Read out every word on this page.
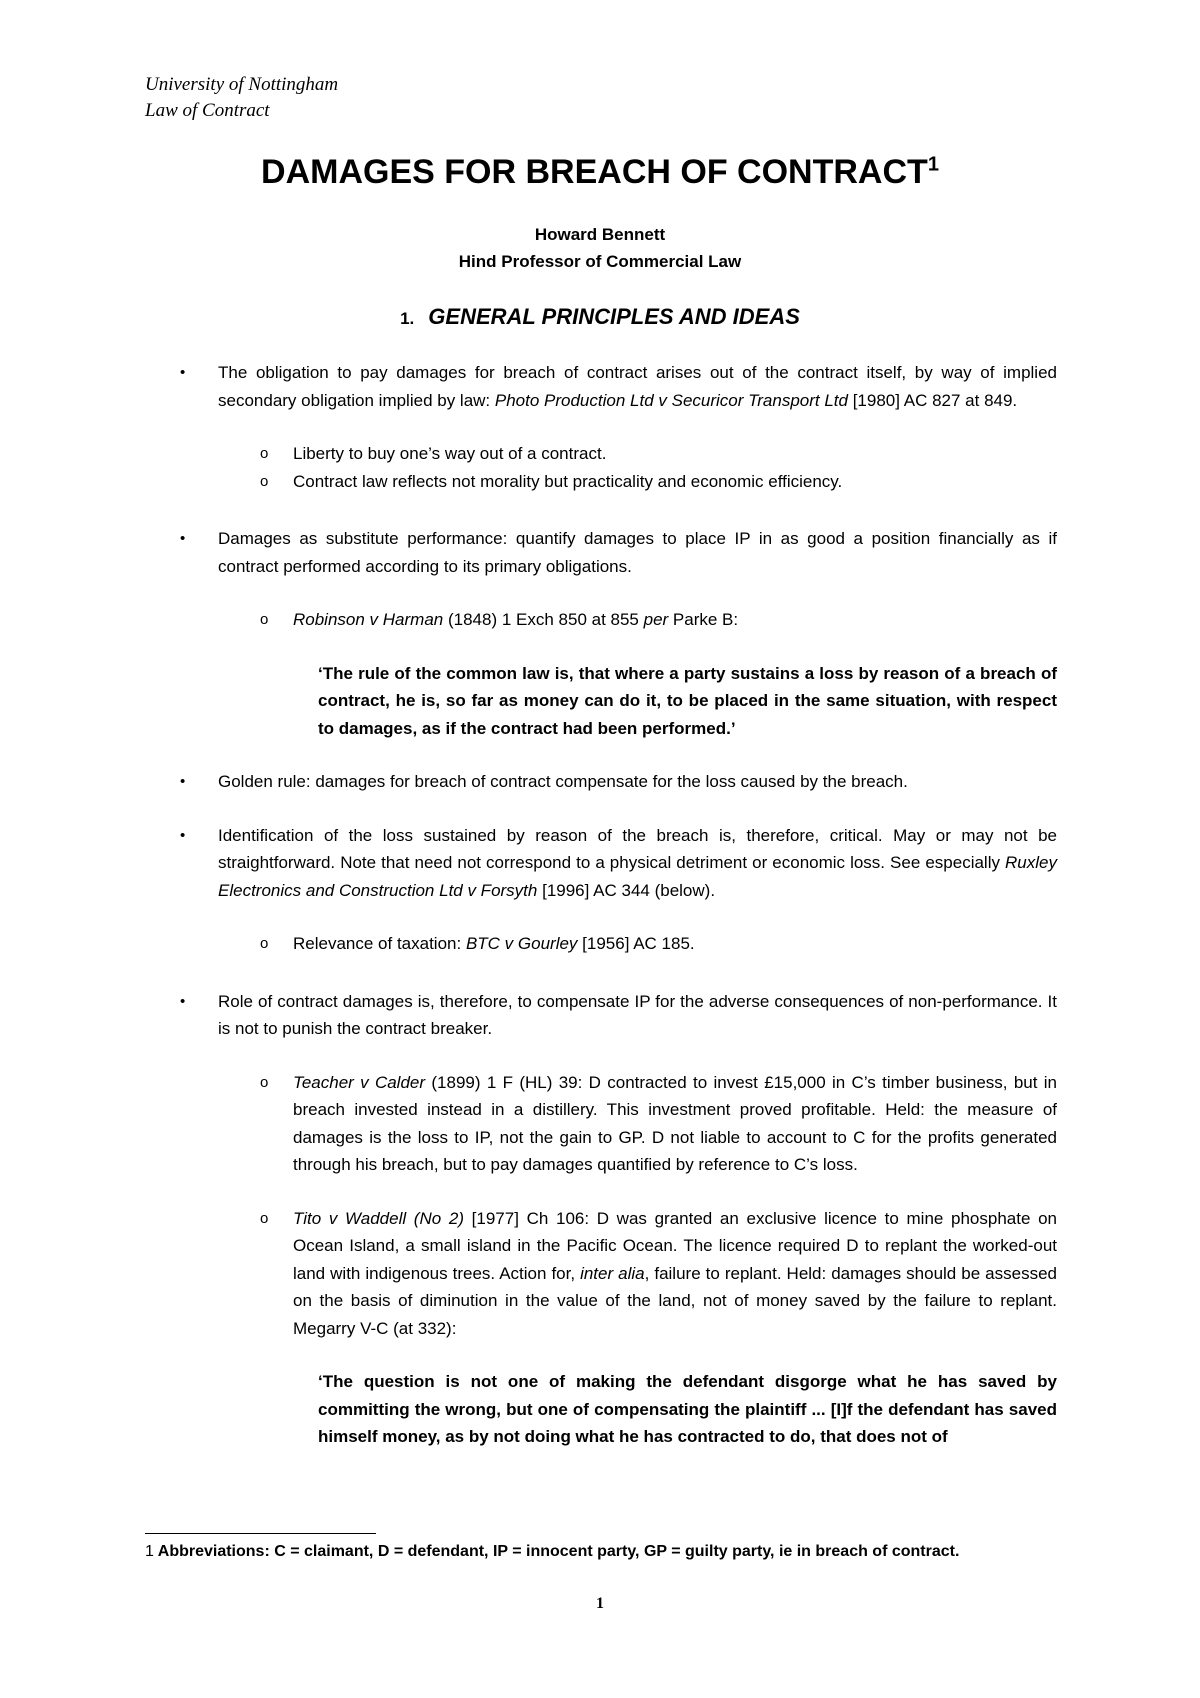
University of Nottingham
Law of Contract
DAMAGES FOR BREACH OF CONTRACT$^1$
Howard Bennett
Hind Professor of Commercial Law
1. GENERAL PRINCIPLES AND IDEAS

• The obligation to pay damages for breach of contract arises out of the contract itself, by way of implied secondary obligation implied by law: Photo Production Ltd v Securicor Transport Ltd [1980] AC 827 at 849.

o Liberty to buy one’s way out of a contract.

o Contract law reflects not morality but practicality and economic efficiency.

• Damages as substitute performance: quantify damages to place IP in as good a position financially as if contract performed according to its primary obligations.

o Robinson v Harman (1848) 1 Exch 850 at 855 per Parke B:

‘The rule of the common law is, that where a party sustains a loss by reason of a breach of contract, he is, so far as money can do it, to be placed in the same situation, with respect to damages, as if the contract had been performed.’

• Golden rule: damages for breach of contract compensate for the loss caused by the breach.

• Identification of the loss sustained by reason of the breach is, therefore, critical. May or may not be straightforward. Note that need not correspond to a physical detriment or economic loss. See especially Ruxley Electronics and Construction Ltd v Forsyth [1996] AC 344 (below).

o Relevance of taxation: BTC v Gourley [1956] AC 185.

• Role of contract damages is, therefore, to compensate IP for the adverse consequences of non-performance. It is not to punish the contract breaker.

o Teacher v Calder (1899) 1 F (HL) 39: D contracted to invest £15,000 in C’s timber business, but in breach invested instead in a distillery. This investment proved profitable. Held: the measure of damages is the loss to IP, not the gain to GP. D not liable to account to C for the profits generated through his breach, but to pay damages quantified by reference to C’s loss.

o Tito v Waddell (No 2) [1977] Ch 106: D was granted an exclusive licence to mine phosphate on Ocean Island, a small island in the Pacific Ocean. The licence required D to replant the worked-out land with indigenous trees. Action for, inter alia, failure to replant. Held: damages should be assessed on the basis of diminution in the value of the land, not of money saved by the failure to replant. Megarry V-C (at 332):

‘The question is not one of making the defendant disgorge what he has saved by committing the wrong, but one of compensating the plaintiff ... [I]f the defendant has saved himself money, as by not doing what he has contracted to do, that does not of

1 Abbreviations: C = claimant, D = defendant, IP = innocent party, GP = guilty party, ie in breach of contract.
1
